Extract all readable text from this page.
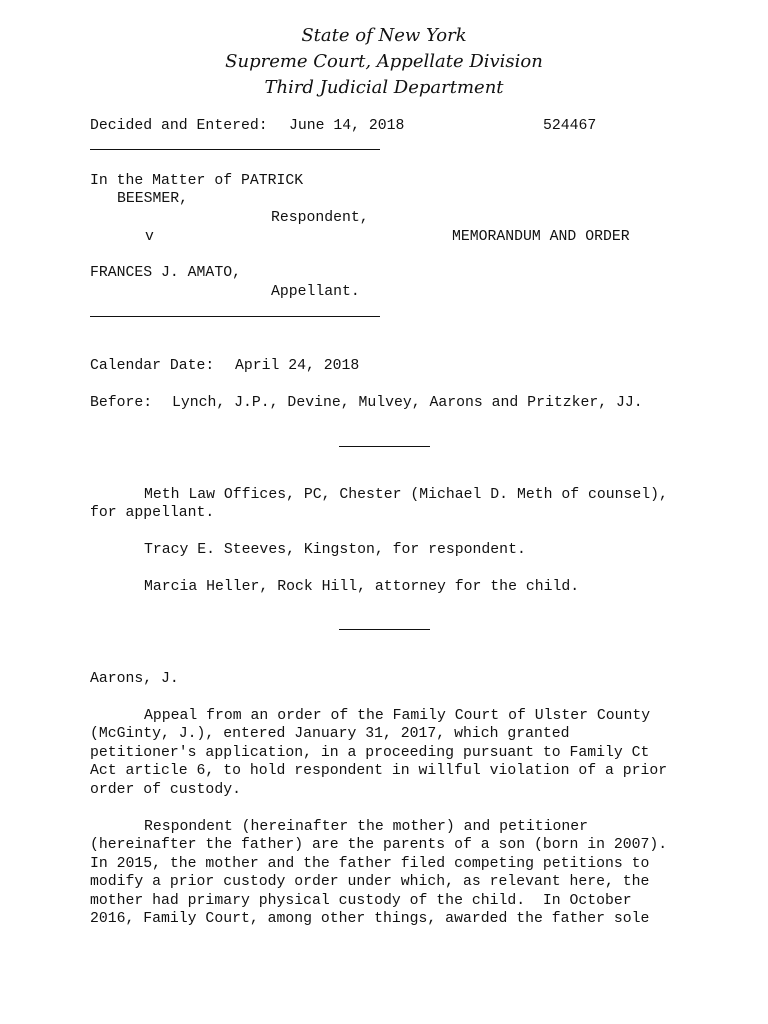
State of New York
Supreme Court, Appellate Division
Third Judicial Department
Decided and Entered: June 14, 2018	524467
In the Matter of PATRICK
BEESMER,
Respondent,
v	MEMORANDUM AND ORDER
FRANCES J. AMATO,
Appellant.
Calendar Date: April 24, 2018
Before: Lynch, J.P., Devine, Mulvey, Aarons and Pritzker, JJ.
Meth Law Offices, PC, Chester (Michael D. Meth of counsel),
for appellant.
Tracy E. Steeves, Kingston, for respondent.
Marcia Heller, Rock Hill, attorney for the child.
Aarons, J.
Appeal from an order of the Family Court of Ulster County
(McGinty, J.), entered January 31, 2017, which granted
petitioner's application, in a proceeding pursuant to Family Ct
Act article 6, to hold respondent in willful violation of a prior
order of custody.
Respondent (hereinafter the mother) and petitioner
(hereinafter the father) are the parents of a son (born in 2007).
In 2015, the mother and the father filed competing petitions to
modify a prior custody order under which, as relevant here, the
mother had primary physical custody of the child.  In October
2016, Family Court, among other things, awarded the father sole
